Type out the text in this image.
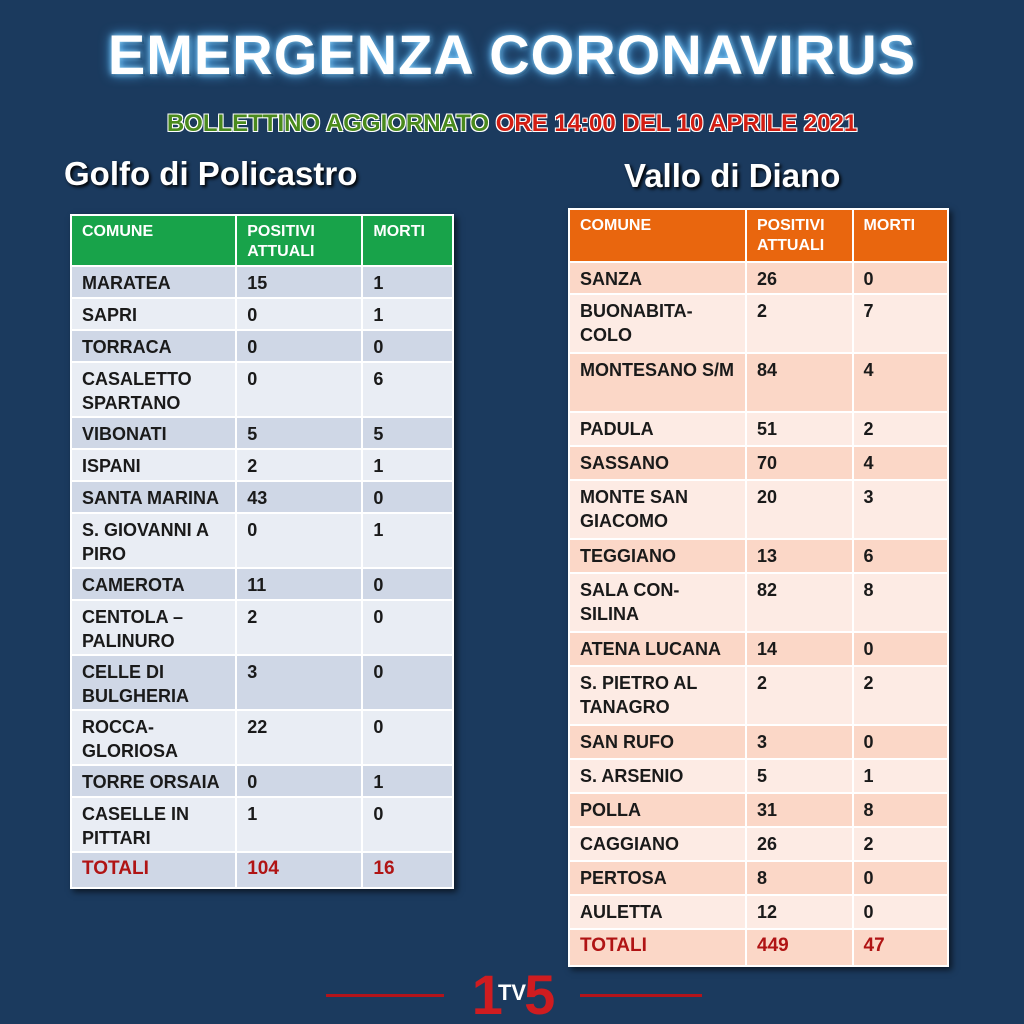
EMERGENZA CORONAVIRUS
BOLLETTINO AGGIORNATO ORE 14:00 DEL 10 APRILE 2021
Golfo di Policastro	Vallo di Diano
COMUNE	POSITIVI ATTUALI	MORTI
MARATEA	15	1
SAPRI	0	1
TORRACA	0	0
CASALETTO SPARTANO	0	6
VIBONATI	5	5
ISPANI	2	1
SANTA MARINA	43	0
S. GIOVANNI A PIRO	0	1
CAMEROTA	11	0
CENTOLA – PALINURO	2	0
CELLE DI BULGHERIA	3	0
ROCCA-GLORIOSA	22	0
TORRE ORSAIA	0	1
CASELLE IN PITTARI	1	0
TOTALI	104	16
COMUNE	POSITIVI ATTUALI	MORTI
SANZA	26	0
BUONABITA-COLO	2	7
MONTESANO S/M	84	4
PADULA	51	2
SASSANO	70	4
MONTE SAN GIACOMO	20	3
TEGGIANO	13	6
SALA CON-SILINA	82	8
ATENA LUCANA	14	0
S. PIETRO AL TANAGRO	2	2
SAN RUFO	3	0
S. ARSENIO	5	1
POLLA	31	8
CAGGIANO	26	2
PERTOSA	8	0
AULETTA	12	0
TOTALI	449	47
1TV5
